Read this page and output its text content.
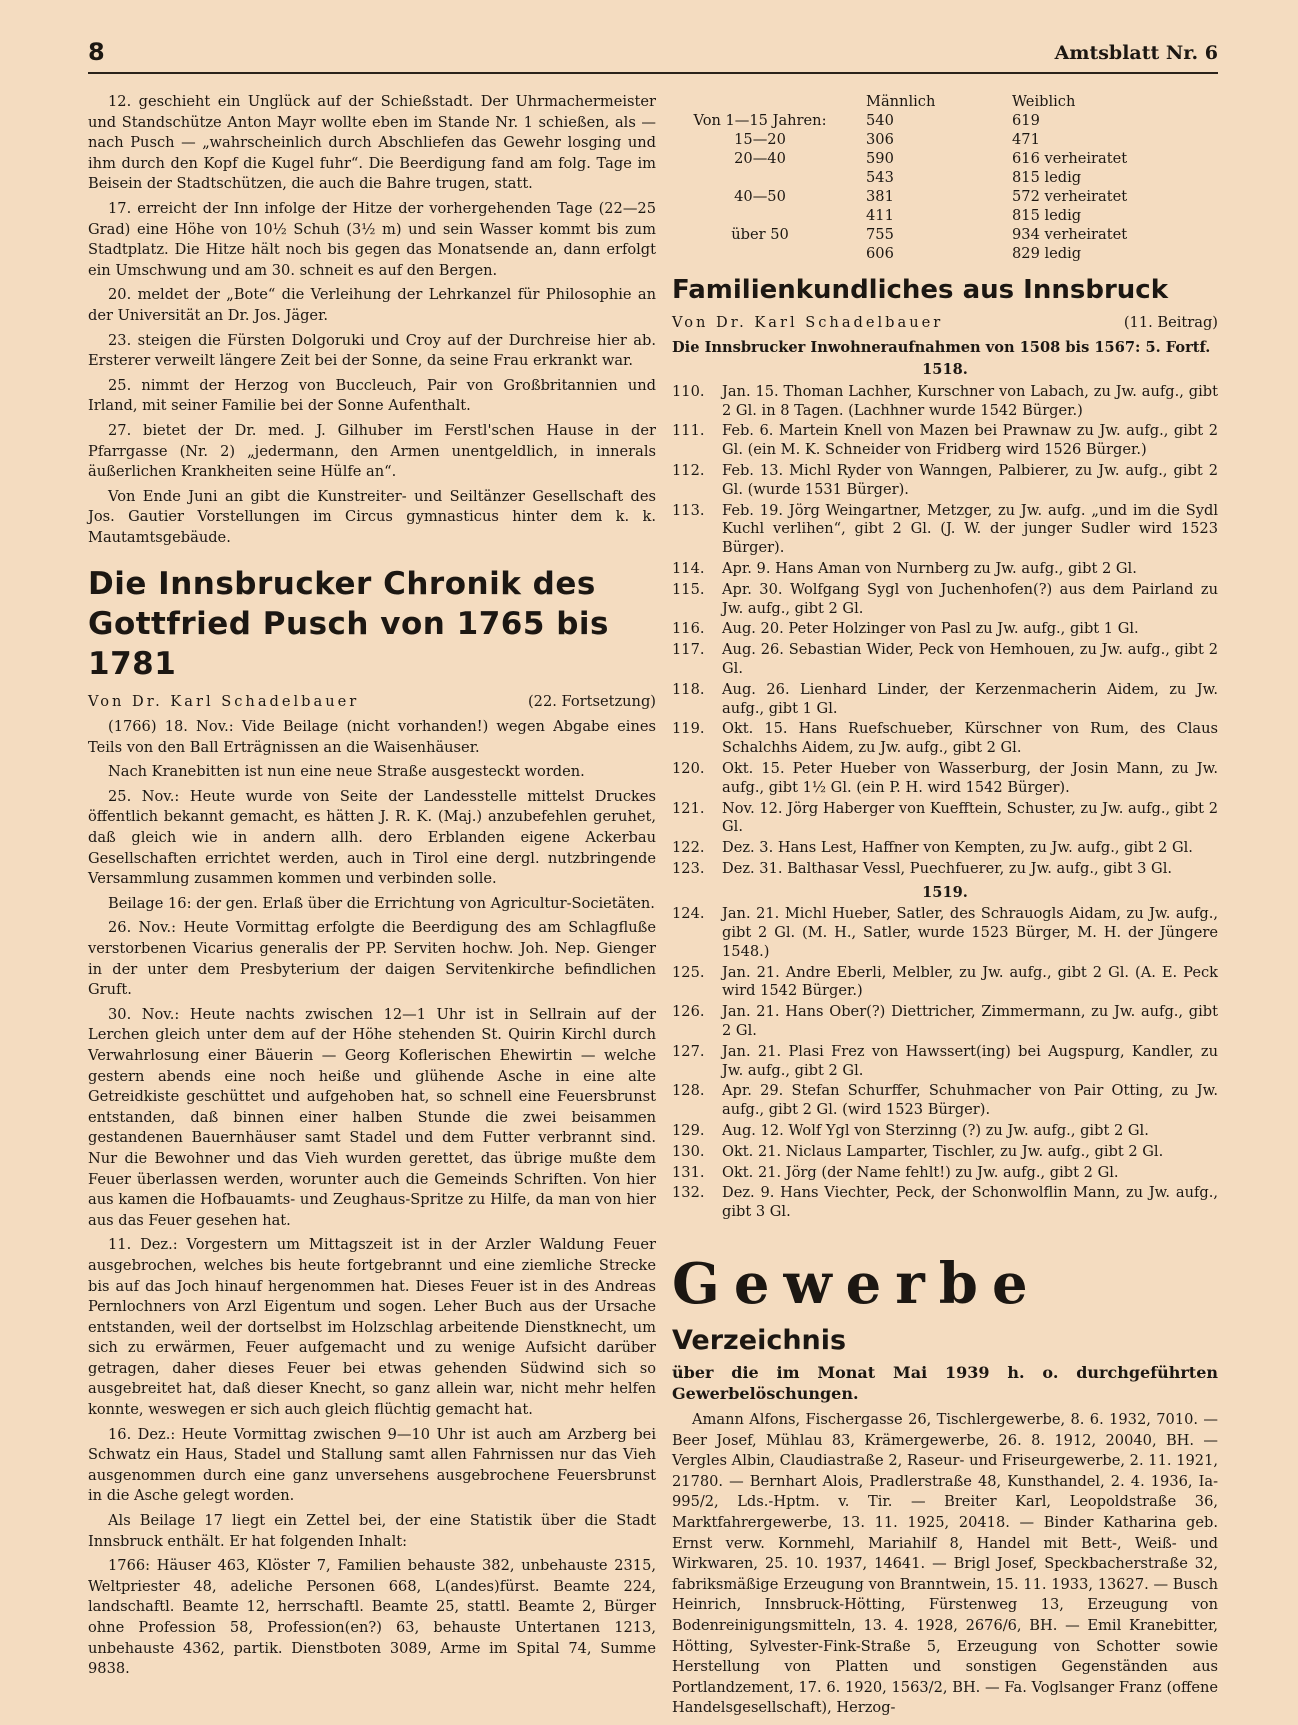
8	Amtsblatt Nr. 6

12. geschieht ein Unglück auf der Schießstadt. Der Uhrmachermeister und Standschütze Anton Mayr wollte eben im Stande Nr. 1 schießen, als — nach Pusch — „wahrscheinlich durch Abschliefen das Gewehr losging und ihm durch den Kopf die Kugel fuhr“. Die Beerdigung fand am folg. Tage im Beisein der Stadtschützen, die auch die Bahre trugen, statt.

17. erreicht der Inn infolge der Hitze der vorhergehenden Tage (22—25 Grad) eine Höhe von 10½ Schuh (3½ m) und sein Wasser kommt bis zum Stadtplatz. Die Hitze hält noch bis gegen das Monatsende an, dann erfolgt ein Umschwung und am 30. schneit es auf den Bergen.

20. meldet der „Bote“ die Verleihung der Lehrkanzel für Philosophie an der Universität an Dr. Jos. Jäger.

23. steigen die Fürsten Dolgoruki und Croy auf der Durchreise hier ab. Ersterer verweilt längere Zeit bei der Sonne, da seine Frau erkrankt war.

25. nimmt der Herzog von Buccleuch, Pair von Großbritannien und Irland, mit seiner Familie bei der Sonne Aufenthalt.

27. bietet der Dr. med. J. Gilhuber im Ferstl'schen Hause in der Pfarrgasse (Nr. 2) „jedermann, den Armen unentgeldlich, in innerals äußerlichen Krankheiten seine Hülfe an“.

Von Ende Juni an gibt die Kunstreiter- und Seiltänzer Gesellschaft des Jos. Gautier Vorstellungen im Circus gymnasticus hinter dem k. k. Mautamtsgebäude.

Die Innsbrucker Chronik des Gottfried Pusch von 1765 bis 1781
Von Dr. Karl Schadelbauer	(22. Fortsetzung)

(1766) 18. Nov.: Vide Beilage (nicht vorhanden!) wegen Abgabe eines Teils von den Ball Erträgnissen an die Waisenhäuser.

Nach Kranebitten ist nun eine neue Straße ausgesteckt worden.

25. Nov.: Heute wurde von Seite der Landesstelle mittelst Druckes öffentlich bekannt gemacht, es hätten J. R. K. (Maj.) anzubefehlen geruhet, daß gleich wie in andern allh. dero Erblanden eigene Ackerbau Gesellschaften errichtet werden, auch in Tirol eine dergl. nutzbringende Versammlung zusammen kommen und verbinden solle.

Beilage 16: der gen. Erlaß über die Errichtung von Agricultur-Societäten.

26. Nov.: Heute Vormittag erfolgte die Beerdigung des am Schlagfluße verstorbenen Vicarius generalis der PP. Serviten hochw. Joh. Nep. Gienger in der unter dem Presbyterium der daigen Servitenkirche befindlichen Gruft.

30. Nov.: Heute nachts zwischen 12—1 Uhr ist in Sellrain auf der Lerchen gleich unter dem auf der Höhe stehenden St. Quirin Kirchl durch Verwahrlosung einer Bäuerin — Georg Koflerischen Ehewirtin — welche gestern abends eine noch heiße und glühende Asche in eine alte Getreidkiste geschüttet und aufgehoben hat, so schnell eine Feuersbrunst entstanden, daß binnen einer halben Stunde die zwei beisammen gestandenen Bauernhäuser samt Stadel und dem Futter verbrannt sind. Nur die Bewohner und das Vieh wurden gerettet, das übrige mußte dem Feuer überlassen werden, worunter auch die Gemeinds Schriften. Von hier aus kamen die Hofbauamts- und Zeughaus-Spritze zu Hilfe, da man von hier aus das Feuer gesehen hat.

11. Dez.: Vorgestern um Mittagszeit ist in der Arzler Waldung Feuer ausgebrochen, welches bis heute fortgebrannt und eine ziemliche Strecke bis auf das Joch hinauf hergenommen hat. Dieses Feuer ist in des Andreas Pernlochners von Arzl Eigentum und sogen. Leher Buch aus der Ursache entstanden, weil der dortselbst im Holzschlag arbeitende Dienstknecht, um sich zu erwärmen, Feuer aufgemacht und zu wenige Aufsicht darüber getragen, daher dieses Feuer bei etwas gehenden Südwind sich so ausgebreitet hat, daß dieser Knecht, so ganz allein war, nicht mehr helfen konnte, weswegen er sich auch gleich flüchtig gemacht hat.

16. Dez.: Heute Vormittag zwischen 9—10 Uhr ist auch am Arzberg bei Schwatz ein Haus, Stadel und Stallung samt allen Fahrnissen nur das Vieh ausgenommen durch eine ganz unversehens ausgebrochene Feuersbrunst in die Asche gelegt worden.

Als Beilage 17 liegt ein Zettel bei, der eine Statistik über die Stadt Innsbruck enthält. Er hat folgenden Inhalt:

1766: Häuser 463, Klöster 7, Familien behauste 382, unbehauste 2315, Weltpriester 48, adeliche Personen 668, L(andes)fürst. Beamte 224, landschaftl. Beamte 12, herrschaftl. Beamte 25, stattl. Beamte 2, Bürger ohne Profession 58, Profession(en?) 63, behauste Untertanen 1213, unbehauste 4362, partik. Dienstboten 3089, Arme im Spital 74, Summe 9838.

	Männlich	Weiblich
Von 1—15 Jahren:	540	619
15—20	306	471
20—40	590	616 verheiratet
	543	815 ledig
40—50	381	572 verheiratet
	411	815 ledig
über 50	755	934 verheiratet
	606	829 ledig
Familienkundliches aus Innsbruck
Von Dr. Karl Schadelbauer	(11. Beitrag)
Die Innsbrucker Inwohneraufnahmen von 1508 bis 1567: 5. Fortf.
1518.
110.	Jan. 15. Thoman Lachher, Kurschner von Labach, zu Jw. aufg., gibt 2 Gl. in 8 Tagen. (Lachhner wurde 1542 Bürger.)
111.	Feb. 6. Martein Knell von Mazen bei Prawnaw zu Jw. aufg., gibt 2 Gl. (ein M. K. Schneider von Fridberg wird 1526 Bürger.)
112.	Feb. 13. Michl Ryder von Wanngen, Palbierer, zu Jw. aufg., gibt 2 Gl. (wurde 1531 Bürger).
113.	Feb. 19. Jörg Weingartner, Metzger, zu Jw. aufg. „und im die Sydl Kuchl verlihen“, gibt 2 Gl. (J. W. der junger Sudler wird 1523 Bürger).
114.	Apr. 9. Hans Aman von Nurnberg zu Jw. aufg., gibt 2 Gl.
115.	Apr. 30. Wolfgang Sygl von Juchenhofen(?) aus dem Pairland zu Jw. aufg., gibt 2 Gl.
116.	Aug. 20. Peter Holzinger von Pasl zu Jw. aufg., gibt 1 Gl.
117.	Aug. 26. Sebastian Wider, Peck von Hemhouen, zu Jw. aufg., gibt 2 Gl.
118.	Aug. 26. Lienhard Linder, der Kerzenmacherin Aidem, zu Jw. aufg., gibt 1 Gl.
119.	Okt. 15. Hans Ruefschueber, Kürschner von Rum, des Claus Schalchhs Aidem, zu Jw. aufg., gibt 2 Gl.
120.	Okt. 15. Peter Hueber von Wasserburg, der Josin Mann, zu Jw. aufg., gibt 1½ Gl. (ein P. H. wird 1542 Bürger).
121.	Nov. 12. Jörg Haberger von Kuefftein, Schuster, zu Jw. aufg., gibt 2 Gl.
122.	Dez. 3. Hans Lest, Haffner von Kempten, zu Jw. aufg., gibt 2 Gl.
123.	Dez. 31. Balthasar Vessl, Puechfuerer, zu Jw. aufg., gibt 3 Gl.
1519.
124.	Jan. 21. Michl Hueber, Satler, des Schrauogls Aidam, zu Jw. aufg., gibt 2 Gl. (M. H., Satler, wurde 1523 Bürger, M. H. der Jüngere 1548.)
125.	Jan. 21. Andre Eberli, Melbler, zu Jw. aufg., gibt 2 Gl. (A. E. Peck wird 1542 Bürger.)
126.	Jan. 21. Hans Ober(?) Diettricher, Zimmermann, zu Jw. aufg., gibt 2 Gl.
127.	Jan. 21. Plasi Frez von Hawssert(ing) bei Augspurg, Kandler, zu Jw. aufg., gibt 2 Gl.
128.	Apr. 29. Stefan Schurffer, Schuhmacher von Pair Otting, zu Jw. aufg., gibt 2 Gl. (wird 1523 Bürger).
129.	Aug. 12. Wolf Ygl von Sterzinng (?) zu Jw. aufg., gibt 2 Gl.
130.	Okt. 21. Niclaus Lamparter, Tischler, zu Jw. aufg., gibt 2 Gl.
131.	Okt. 21. Jörg (der Name fehlt!) zu Jw. aufg., gibt 2 Gl.
132.	Dez. 9. Hans Viechter, Peck, der Schonwolflin Mann, zu Jw. aufg., gibt 3 Gl.
Gewerbe
Verzeichnis
über die im Monat Mai 1939 h. o. durchgeführten Gewerbelöschungen.

Amann Alfons, Fischergasse 26, Tischlergewerbe, 8. 6. 1932, 7010. — Beer Josef, Mühlau 83, Krämergewerbe, 26. 8. 1912, 20040, BH. — Vergles Albin, Claudiastraße 2, Raseur- und Friseurgewerbe, 2. 11. 1921, 21780. — Bernhart Alois, Pradlerstraße 48, Kunsthandel, 2. 4. 1936, Ia-995/2, Lds.-Hptm. v. Tir. — Breiter Karl, Leopoldstraße 36, Marktfahrergewerbe, 13. 11. 1925, 20418. — Binder Katharina geb. Ernst verw. Kornmehl, Mariahilf 8, Handel mit Bett-, Weiß- und Wirkwaren, 25. 10. 1937, 14641. — Brigl Josef, Speckbacherstraße 32, fabriksmäßige Erzeugung von Branntwein, 15. 11. 1933, 13627. — Busch Heinrich, Innsbruck-Hötting, Fürstenweg 13, Erzeugung von Bodenreinigungsmitteln, 13. 4. 1928, 2676/6, BH. — Emil Kranebitter, Hötting, Sylvester-Fink-Straße 5, Erzeugung von Schotter sowie Herstellung von Platten und sonstigen Gegenständen aus Portlandzement, 17. 6. 1920, 1563/2, BH. — Fa. Voglsanger Franz (offene Handelsgesellschaft), Herzog-
